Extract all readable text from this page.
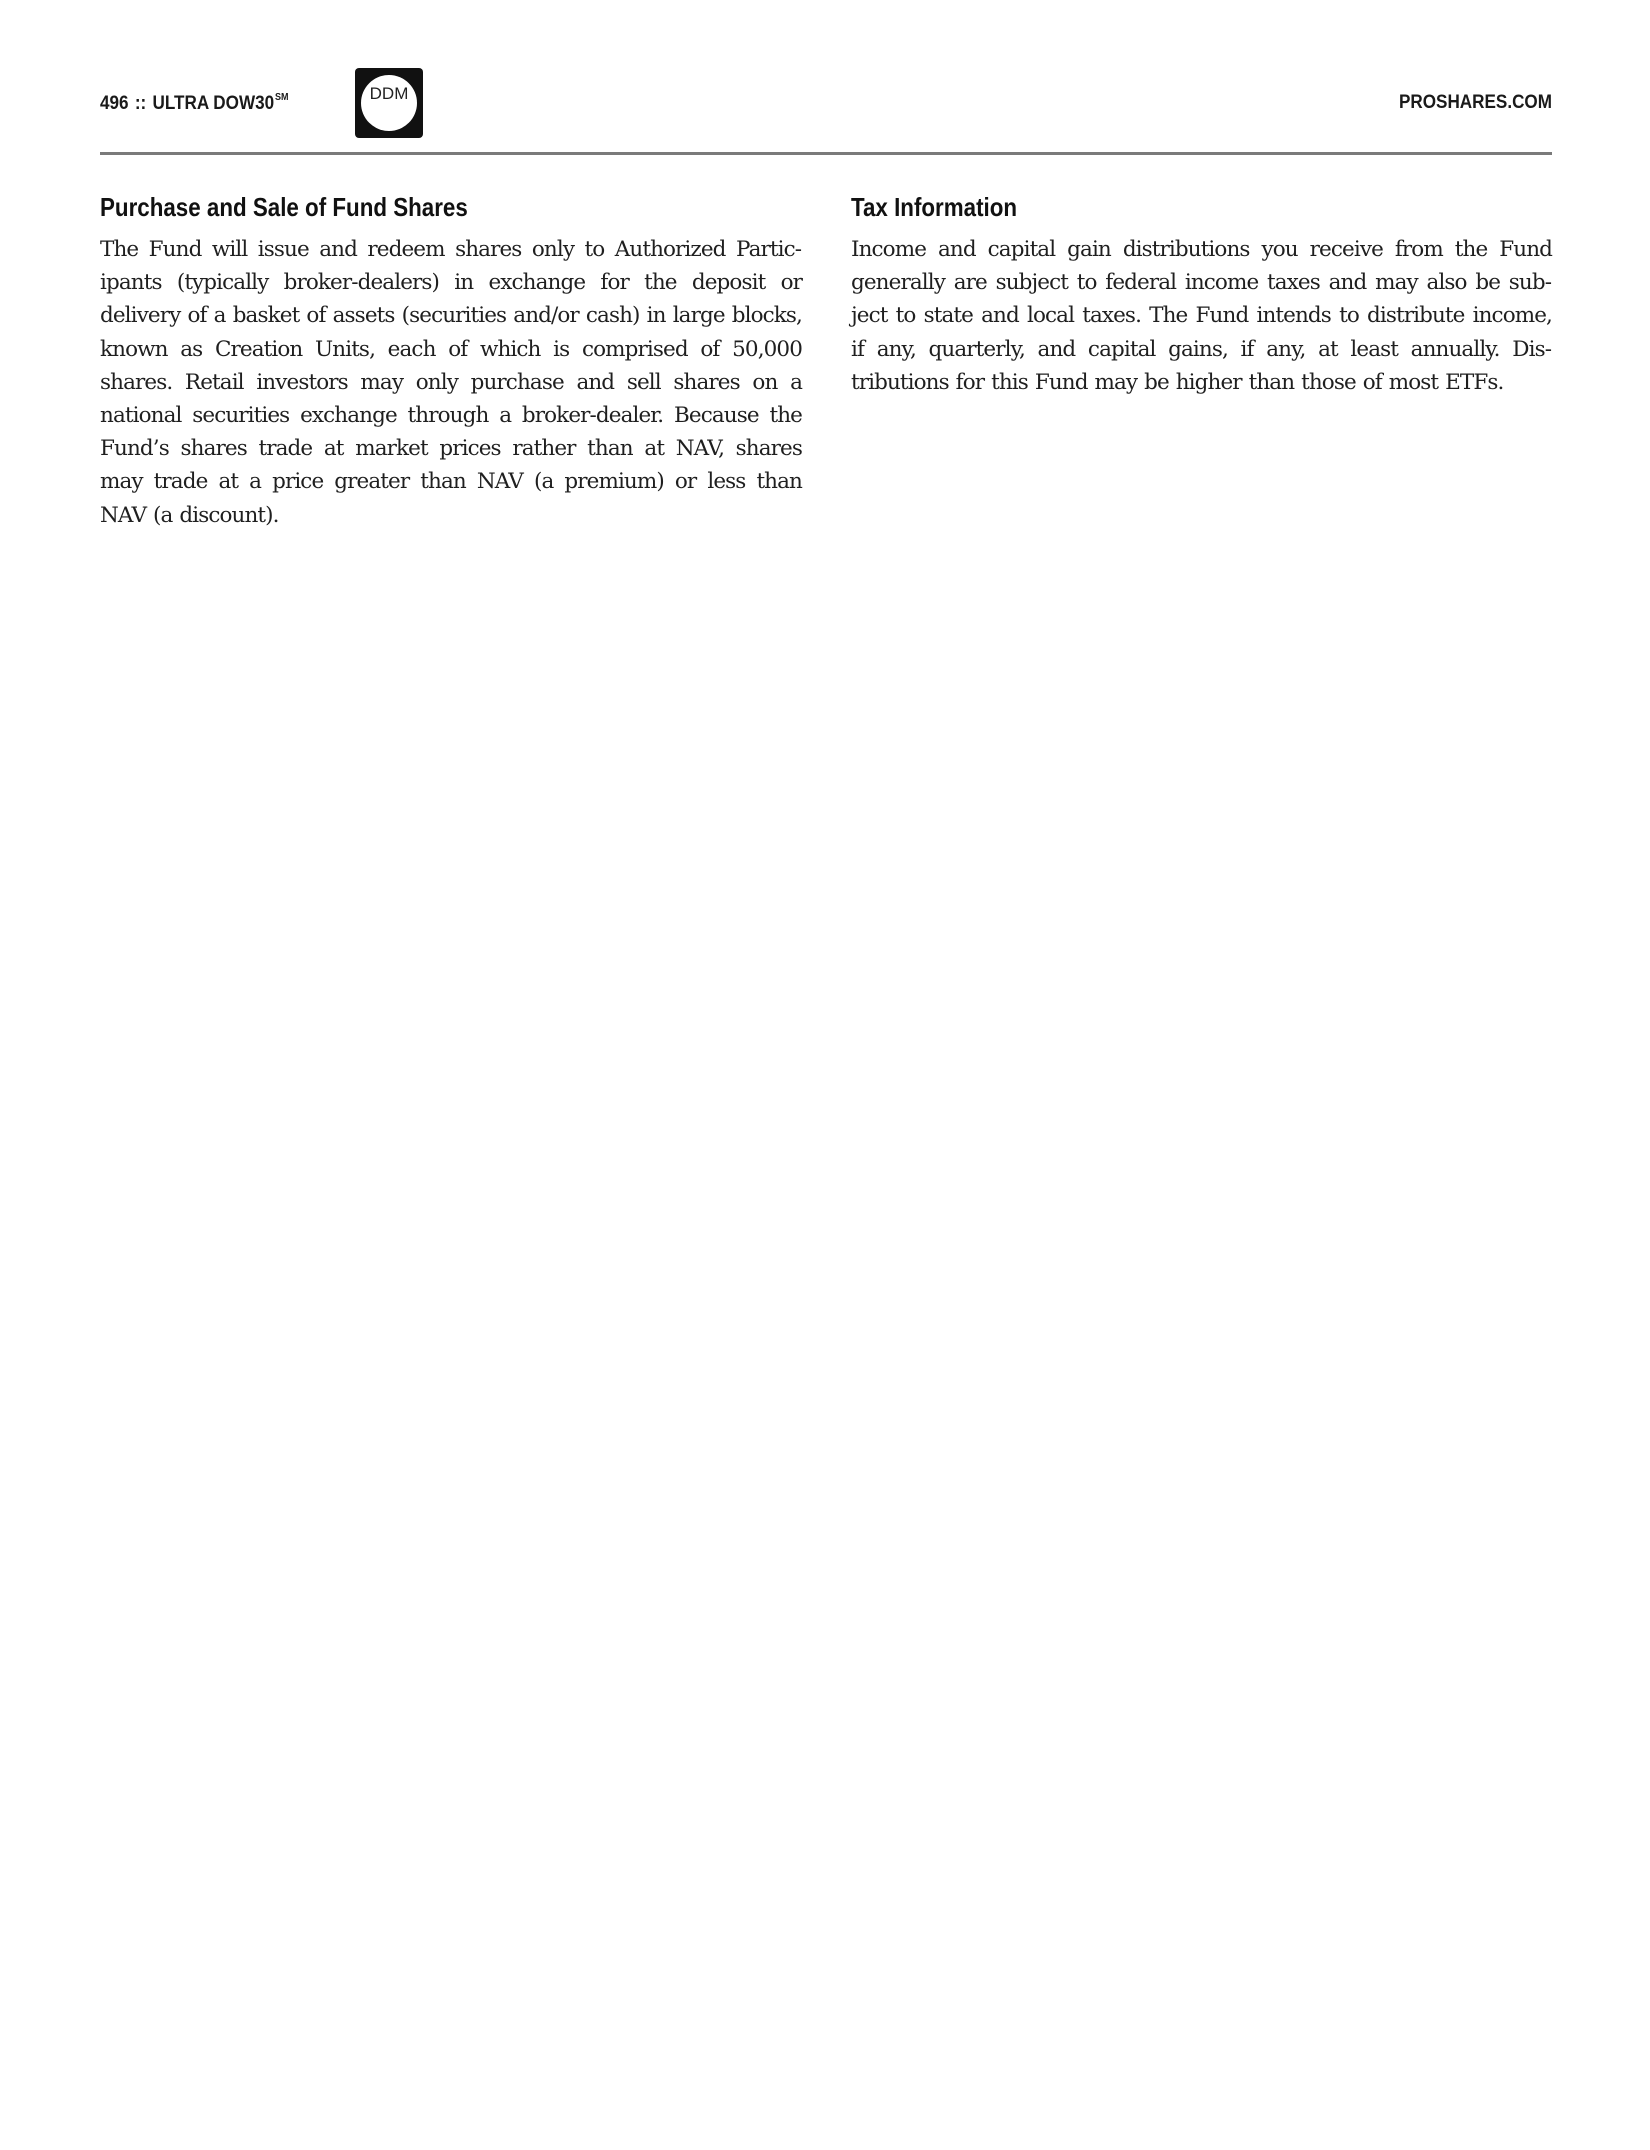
496 :: ULTRA DOW30℠	DDM	PROSHARES.COM
Purchase and Sale of Fund Shares

The Fund will issue and redeem shares only to Authorized Participants (typically broker-dealers) in exchange for the deposit or delivery of a basket of assets (securities and/or cash) in large blocks, known as Creation Units, each of which is comprised of 50,000 shares. Retail investors may only purchase and sell shares on a national securities exchange through a broker-dealer. Because the Fund’s shares trade at market prices rather than at NAV, shares may trade at a price greater than NAV (a premium) or less than NAV (a discount).

Tax Information

Income and capital gain distributions you receive from the Fund generally are subject to federal income taxes and may also be subject to state and local taxes. The Fund intends to distribute income, if any, quarterly, and capital gains, if any, at least annually. Distributions for this Fund may be higher than those of most ETFs.
